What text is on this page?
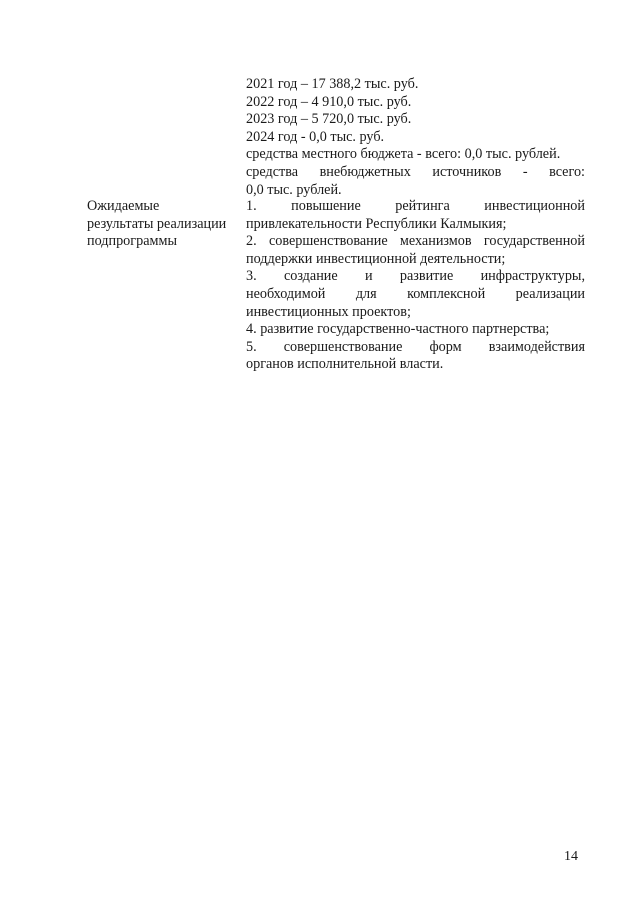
2021 год – 17 388,2 тыс. руб.
2022 год – 4 910,0 тыс. руб.
2023 год – 5 720,0 тыс. руб.
2024 год - 0,0 тыс. руб.
средства местного бюджета - всего: 0,0 тыс. рублей.
средства внебюджетных источников - всего:
0,0 тыс. рублей.
Ожидаемые
результаты реализации
подпрограммы
1. повышение рейтинга инвестиционной
привлекательности Республики Калмыкия;
2. совершенствование механизмов государственной
поддержки инвестиционной деятельности;
3. создание и развитие инфраструктуры,
необходимой для комплексной реализации
инвестиционных проектов;
4. развитие государственно-частного партнерства;
5. совершенствование форм взаимодействия
органов исполнительной власти.
14
